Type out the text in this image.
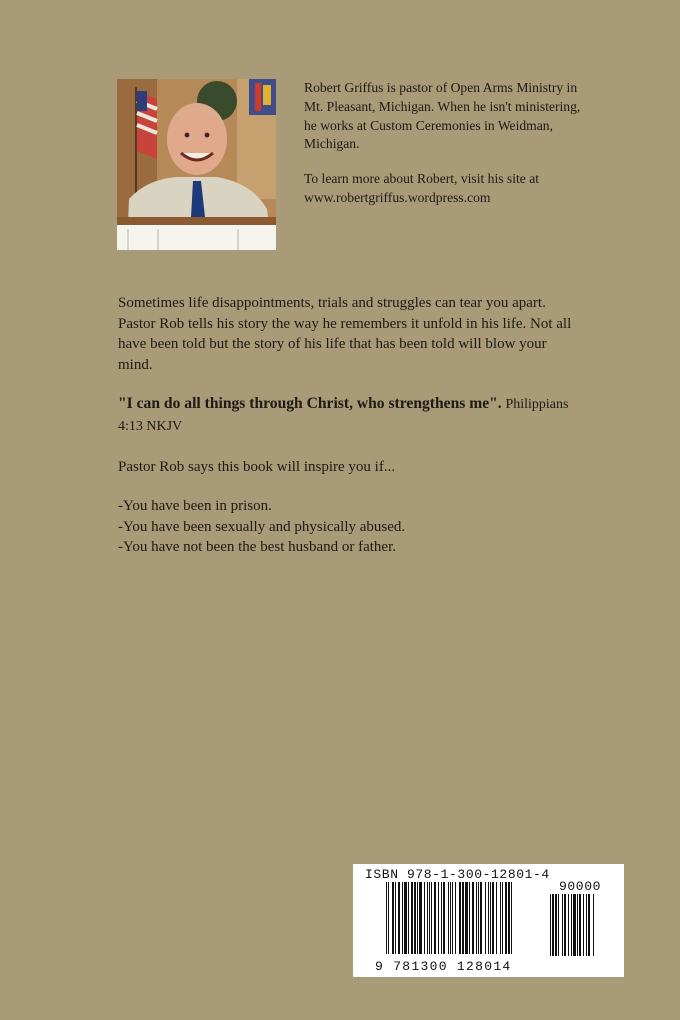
Robert Griffus is pastor of Open Arms Ministry in Mt. Pleasant, Michigan. When he isn't ministering, he works at Custom Ceremonies in Weidman, Michigan.

To learn more about Robert, visit his site at www.robertgriffus.wordpress.com

Sometimes life disappointments, trials and struggles can tear you apart. Pastor Rob tells his story the way he remembers it unfold in his life. Not all have been told but the story of his life that has been told will blow your mind.

"I can do all things through Christ, who strengthens me". Philippians 4:13 NKJV

Pastor Rob says this book will inspire you if...

-You have been in prison.
-You have been sexually and physically abused.
-You have not been the best husband or father.
ISBN 978-1-300-12801-4
90000
9 781300 128014
